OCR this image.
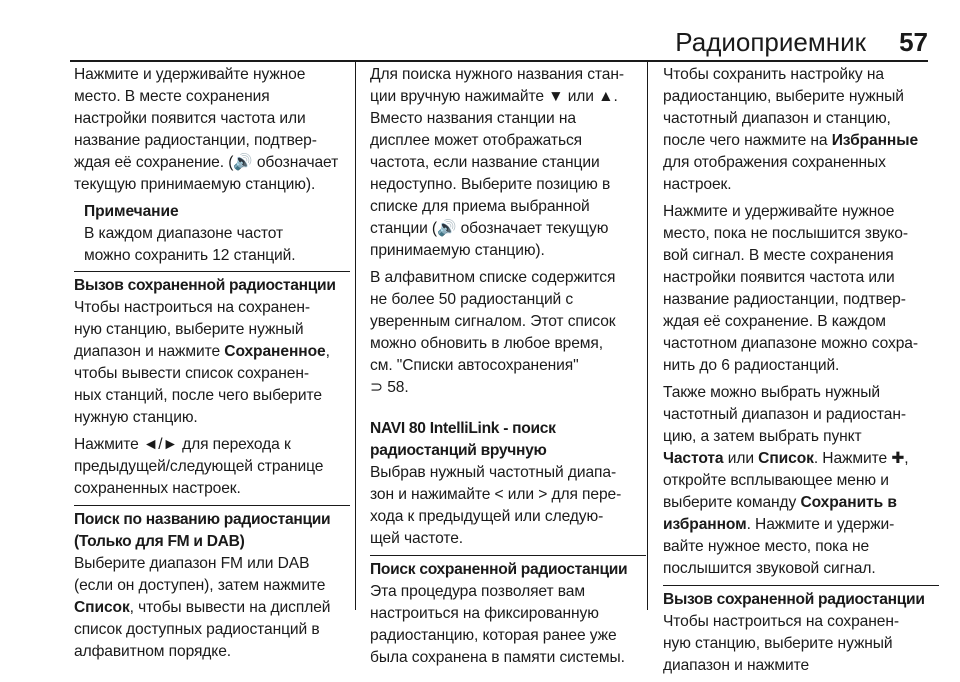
Радиоприемник 57

Нажмите и удерживайте нужное
место. В месте сохранения
настройки появится частота или
название радиостанции, подтвер-
ждая её сохранение. (🔊 обозначает
текущую принимаемую станцию).

Примечание
В каждом диапазоне частот
можно сохранить 12 станций.
Вызов сохраненной радиостанции

Чтобы настроиться на сохранен-
ную станцию, выберите нужный
диапазон и нажмите Сохраненное,
чтобы вывести список сохранен-
ных станций, после чего выберите
нужную станцию.

Нажмите ◄/► для перехода к
предыдущей/следующей странице
сохраненных настроек.

Поиск по названию радиостанции
(Только для FM и DAB)

Выберите диапазон FM или DAB
(если он доступен), затем нажмите
Список, чтобы вывести на дисплей
список доступных радиостанций в
алфавитном порядке.

Для поиска нужного названия стан-
ции вручную нажимайте ▼ или ▲.
Вместо названия станции на
дисплее может отображаться
частота, если название станции
недоступно. Выберите позицию в
списке для приема выбранной
станции (🔊 обозначает текущую
принимаемую станцию).

В алфавитном списке содержится
не более 50 радиостанций с
уверенным сигналом. Этот список
можно обновить в любое время,
см. "Списки автосохранения"
⊃ 58.

NAVI 80 IntelliLink - поиск
радиостанций вручную

Выбрав нужный частотный диапа-
зон и нажимайте < или > для пере-
хода к предыдущей или следую-
щей частоте.

Поиск сохраненной радиостанции

Эта процедура позволяет вам
настроиться на фиксированную
радиостанцию, которая ранее уже
была сохранена в памяти системы.

Чтобы сохранить настройку на
радиостанцию, выберите нужный
частотный диапазон и станцию,
после чего нажмите на Избранные
для отображения сохраненных
настроек.

Нажмите и удерживайте нужное
место, пока не послышится звуко-
вой сигнал. В месте сохранения
настройки появится частота или
название радиостанции, подтвер-
ждая её сохранение. В каждом
частотном диапазоне можно сохра-
нить до 6 радиостанций.

Также можно выбрать нужный
частотный диапазон и радиостан-
цию, а затем выбрать пункт
Частота или Список. Нажмите ✚,
откройте всплывающее меню и
выберите команду Сохранить в
избранном. Нажмите и удержи-
вайте нужное место, пока не
послышится звуковой сигнал.

Вызов сохраненной радиостанции

Чтобы настроиться на сохранен-
ную станцию, выберите нужный
диапазон и нажмите
